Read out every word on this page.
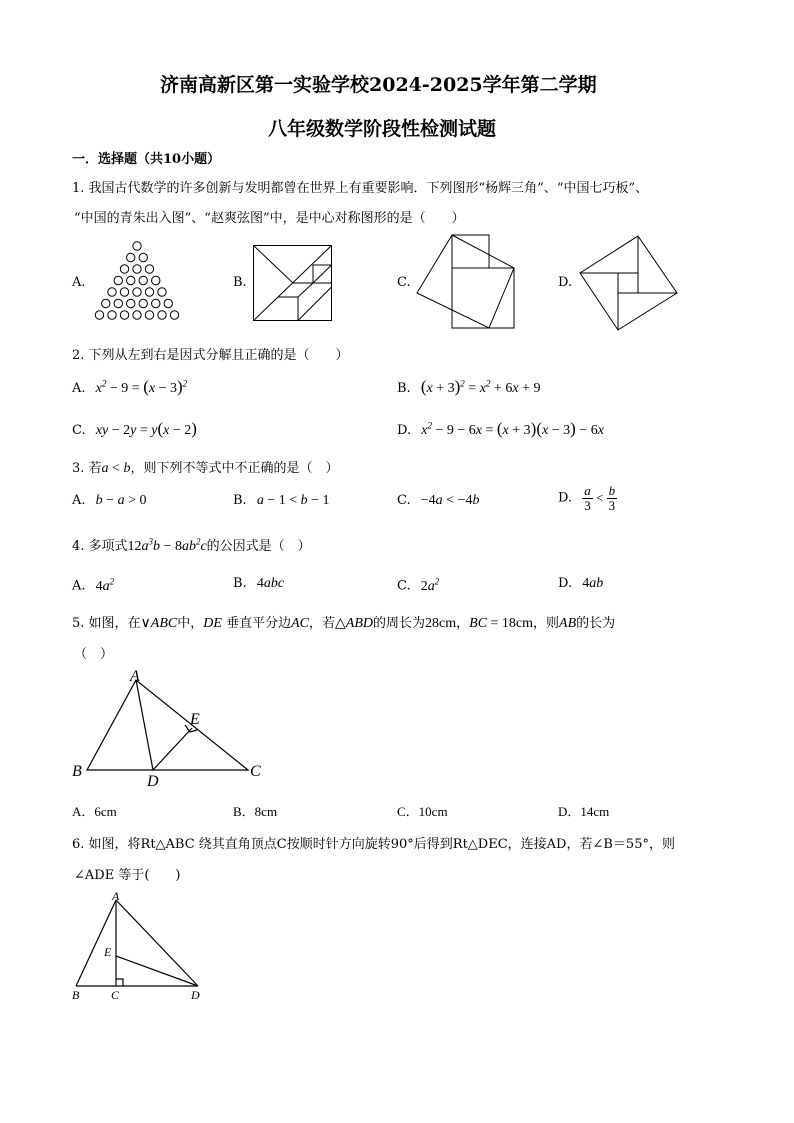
济南高新区第一实验学校2024-2025学年第二学期
八年级数学阶段性检测试题
一．选择题（共10小题）
1. 我国古代数学的许多创新与发明都曾在世界上有重要影响．下列图形“杨辉三角”、“中国七巧板”、
“中国的青朱出入图”、“赵爽弦图”中，是中心对称图形的是（　　）
A.	B.	C.	D.
2. 下列从左到右是因式分解且正确的是（　　）
A. $x^2 - 9 = (x - 3)^2$	B. $(x + 3)^2 = x^2 + 6x + 9$
C. xy − 2y = y(x − 2)	D. $x^2 - 9 - 6x = (x + 3)(x - 3) - 6x$
3. 若a < b，则下列不等式中不正确的是（　）
A. b − a > 0	B. a − 1 < b − 1	C. −4a < −4b	D. $\frac{a}{3} < \frac{b}{3}$
4. 多项式$12a^3b - 8ab^2c$的公因式是（　）
A. $4a^2$	B. 4abc	C. $2a^2$	D. 4ab
5. 如图，在∨ABC中，DE 垂直平分边AC，若△ABD的周长为28cm，BC = 18cm，则AB的长为
（　）
A
B	C
D
E
A．6cm	B．8cm	C．10cm	D．14cm
6. 如图，将Rt△ABC 绕其直角顶点C按顺时针方向旋转90°后得到Rt△DEC，连接AD，若∠B＝55°，则
∠ADE 等于(　　)
A
B	C	D
E
